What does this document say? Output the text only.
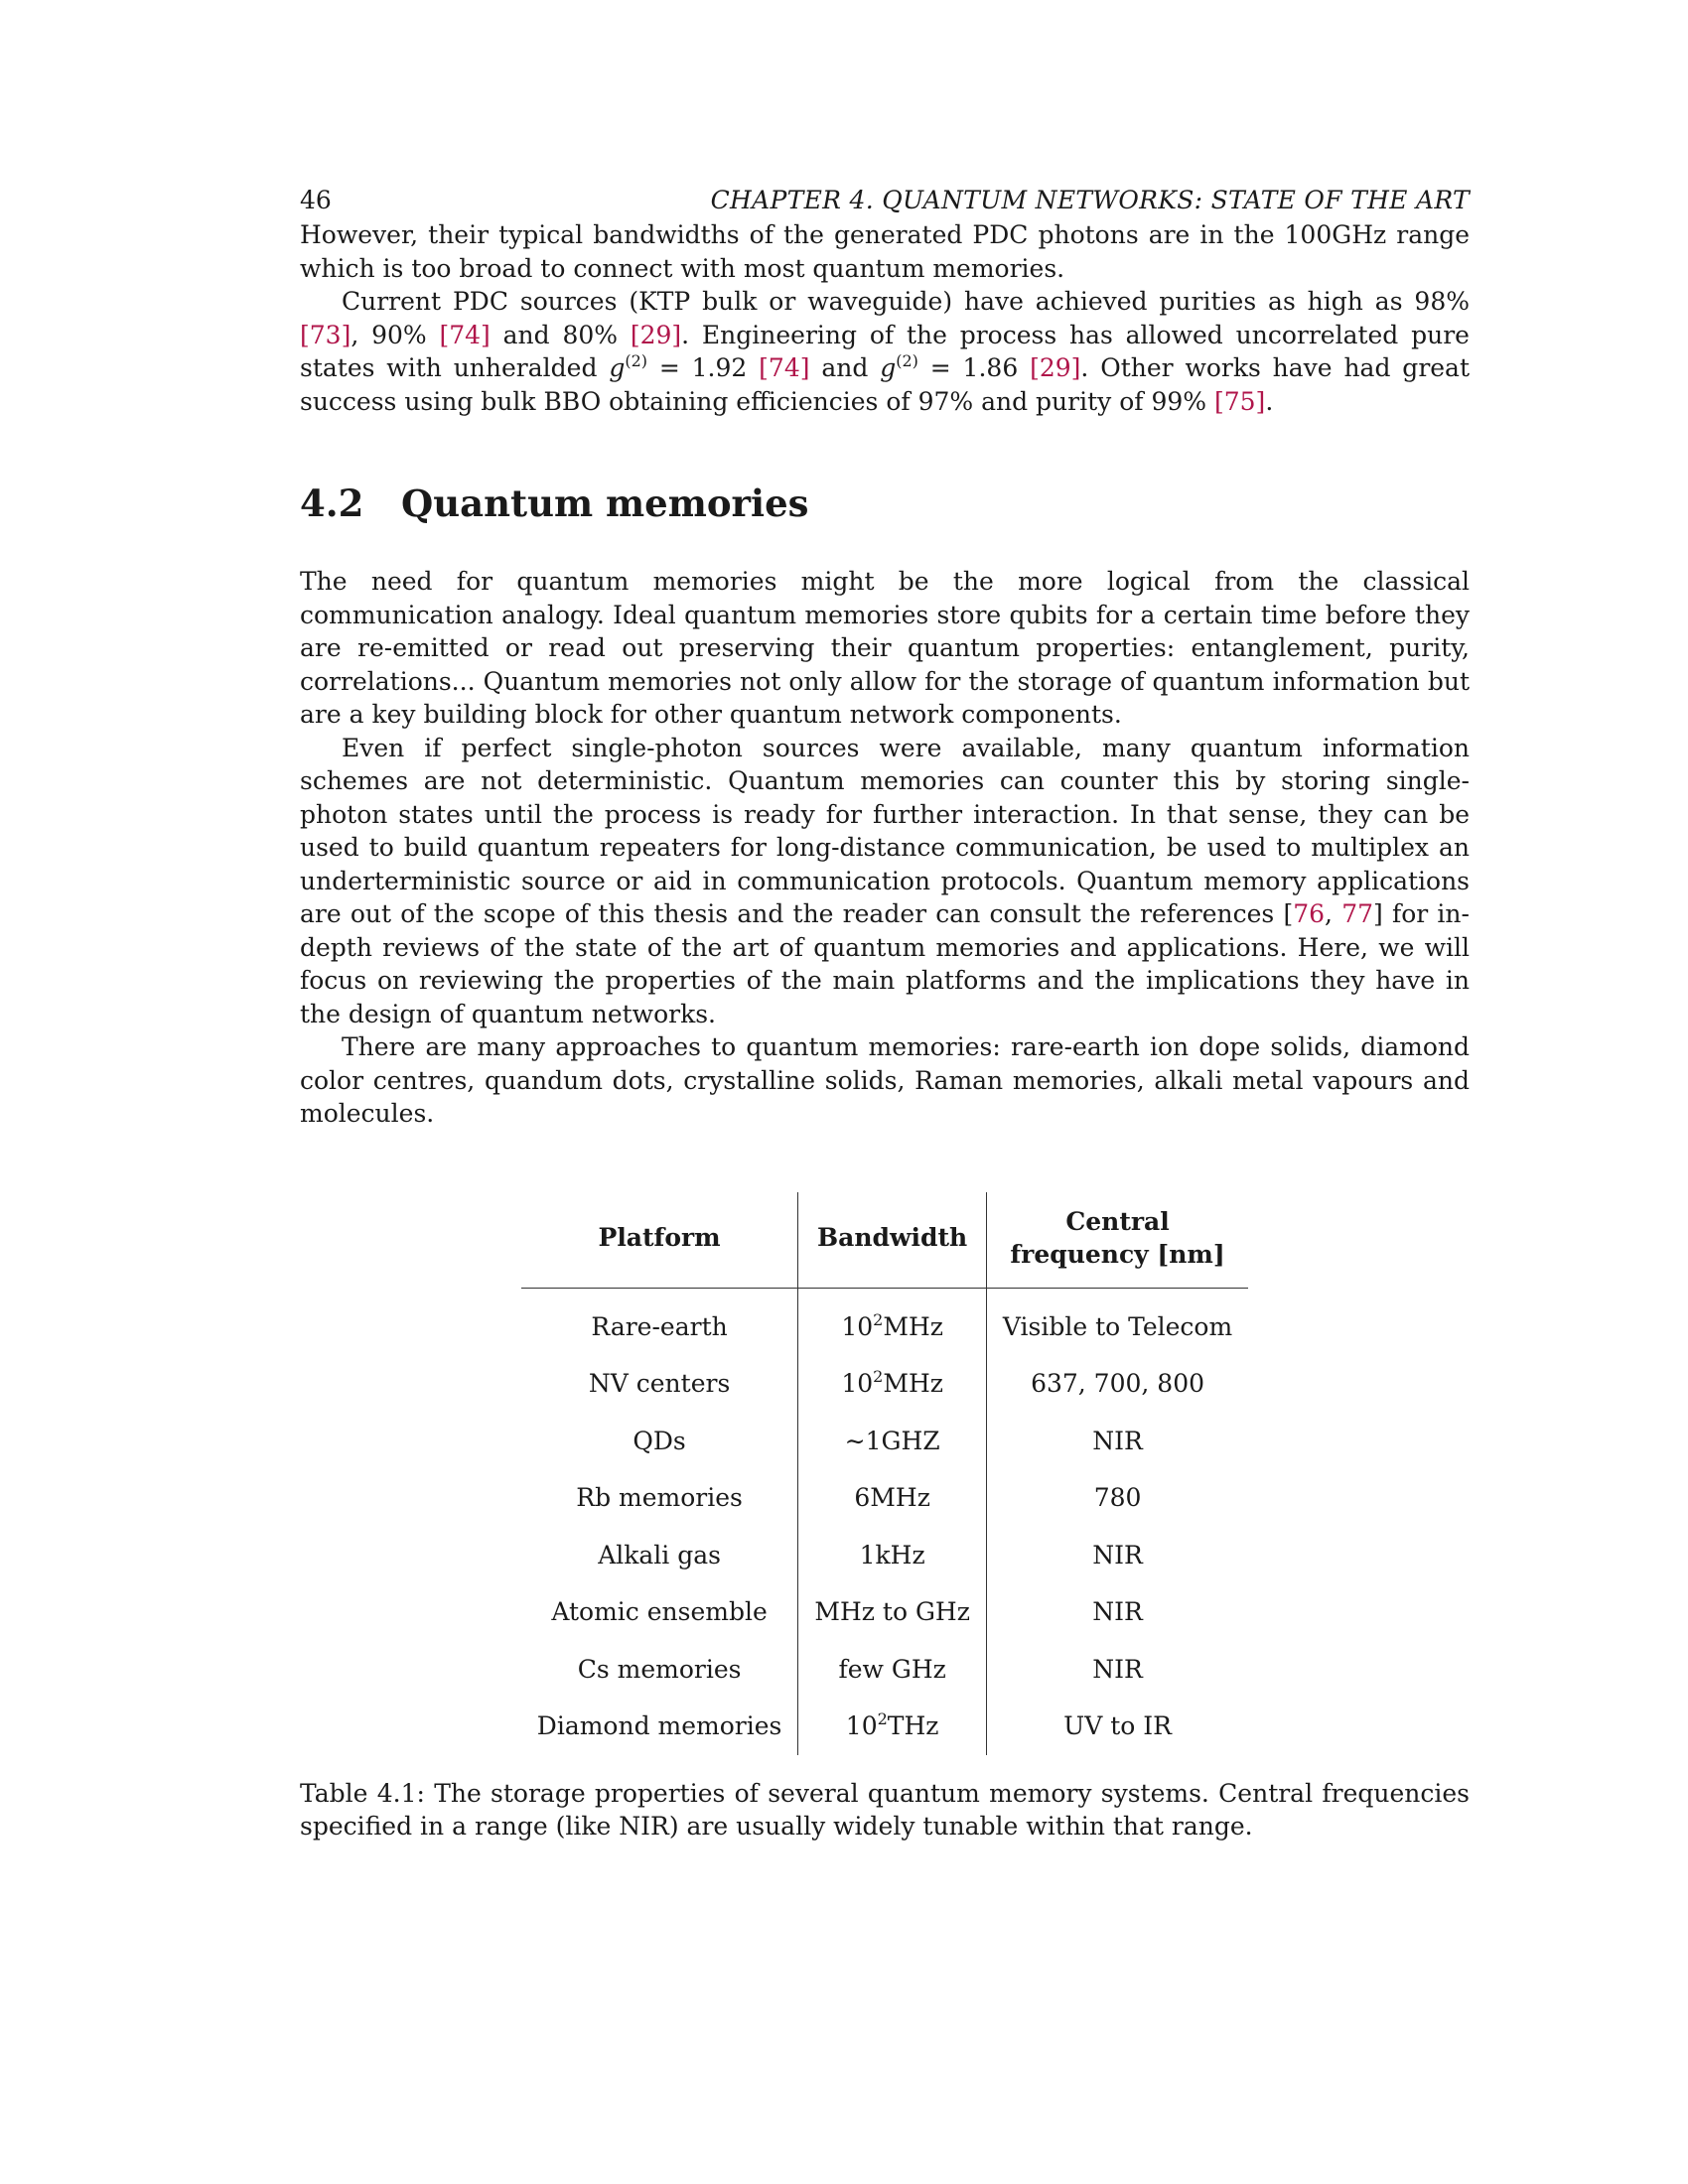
46	CHAPTER 4. QUANTUM NETWORKS: STATE OF THE ART

However, their typical bandwidths of the generated PDC photons are in the 100GHz range which is too broad to connect with most quantum memories.

Current PDC sources (KTP bulk or waveguide) have achieved purities as high as 98% [73], 90% [74] and 80% [29]. Engineering of the process has allowed uncorrelated pure states with unheralded $g^{(2)} = 1.92$ [74] and $g^{(2)} = 1.86$ [29]. Other works have had great success using bulk BBO obtaining efficiencies of 97% and purity of 99% [75].

4.2 Quantum memories

The need for quantum memories might be the more logical from the classical communication analogy. Ideal quantum memories store qubits for a certain time before they are re-emitted or read out preserving their quantum properties: entanglement, purity, correlations... Quantum memories not only allow for the storage of quantum information but are a key building block for other quantum network components.

Even if perfect single-photon sources were available, many quantum information schemes are not deterministic. Quantum memories can counter this by storing single-photon states until the process is ready for further interaction. In that sense, they can be used to build quantum repeaters for long-distance communication, be used to multiplex an underterministic source or aid in communication protocols. Quantum memory applications are out of the scope of this thesis and the reader can consult the references [76, 77] for in-depth reviews of the state of the art of quantum memories and applications. Here, we will focus on reviewing the properties of the main platforms and the implications they have in the design of quantum networks.

There are many approaches to quantum memories: rare-earth ion dope solids, diamond color centres, quandum dots, crystalline solids, Raman memories, alkali metal vapours and molecules.

Platform	Bandwidth	Central
frequency [nm]
Rare-earth	$10^2MHz$	Visible to Telecom
NV centers	$10^2MHz$	637, 700, 800
QDs	∼1GHZ	NIR
Rb memories	6MHz	780
Alkali gas	1kHz	NIR
Atomic ensemble	MHz to GHz	NIR
Cs memories	few GHz	NIR
Diamond memories	$10^2THz$	UV to IR
Table 4.1: The storage properties of several quantum memory systems. Central frequencies specified in a range (like NIR) are usually widely tunable within that range.
